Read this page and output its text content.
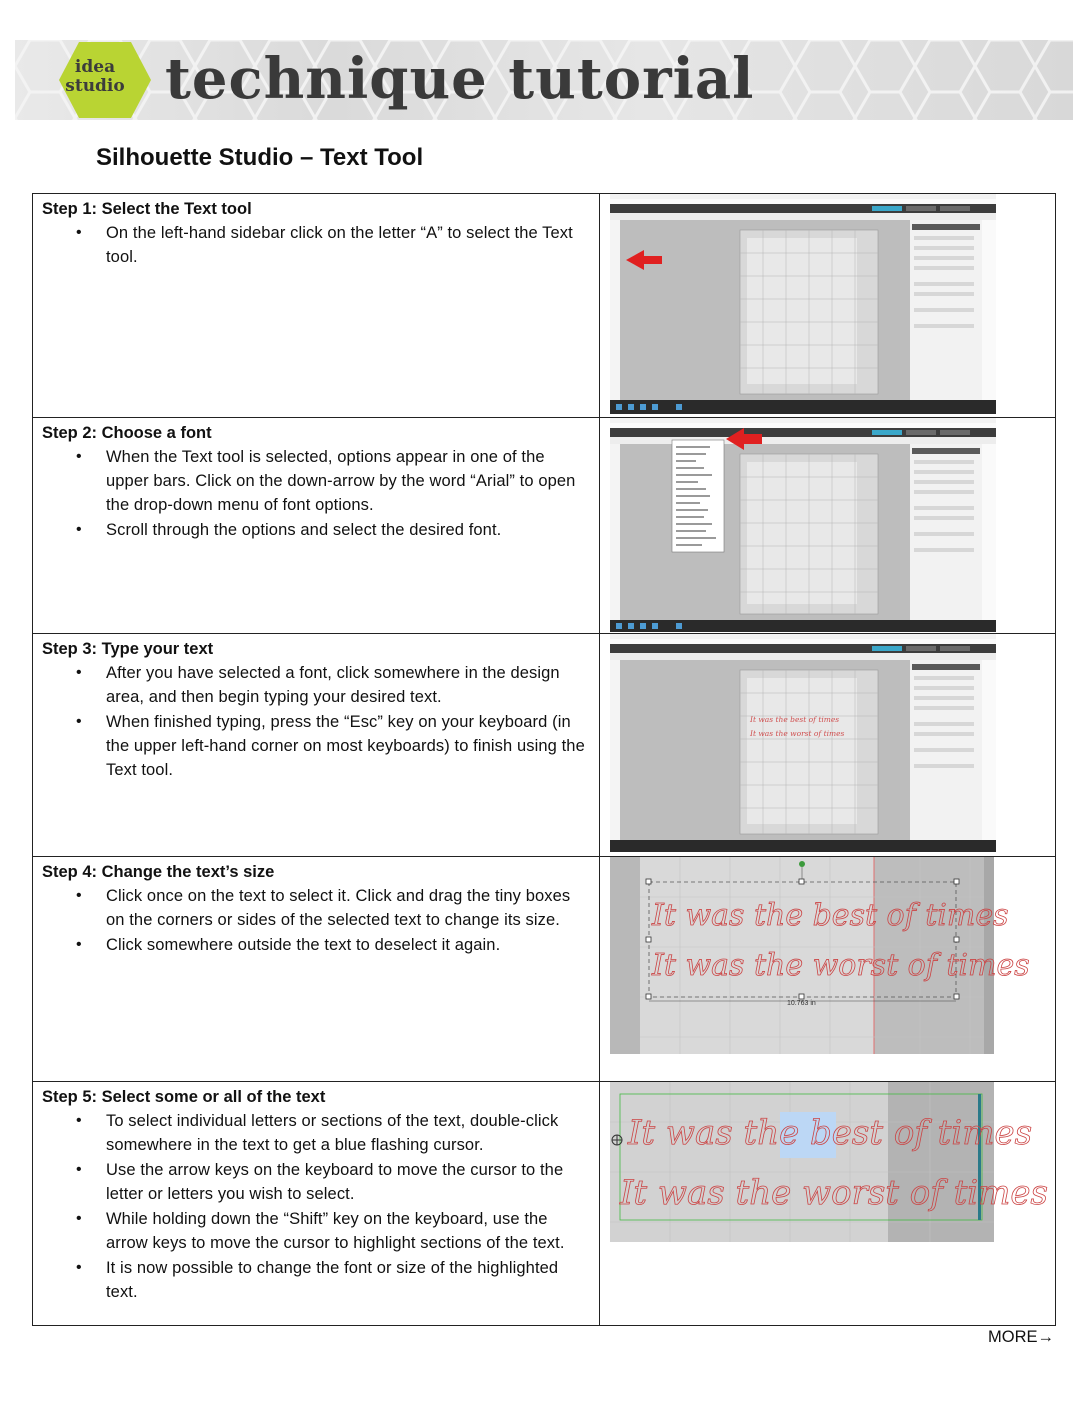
idea
studio technique tutorial
Silhouette Studio – Text Tool
Step 1: Select the Text tool
• On the left-hand sidebar click on the letter “A” to select the Text tool.
Step 2: Choose a font
• When the Text tool is selected, options appear in one of the upper bars. Click on the down-arrow by the word “Arial” to open the drop-down menu of font options.
• Scroll through the options and select the desired font.
Step 3: Type your text
• After you have selected a font, click somewhere in the design area, and then begin typing your desired text.
• When finished typing, press the “Esc” key on your keyboard (in the upper left-hand corner on most keyboards) to finish using the Text tool.
It was the best of times
It was the worst of times
Step 4: Change the text’s size
• Click once on the text to select it. Click and drag the tiny boxes on the corners or sides of the selected text to change its size.
• Click somewhere outside the text to deselect it again.
10.763 in
It was the best of times
It was the worst of times
Step 5: Select some or all of the text
• To select individual letters or sections of the text, double-click somewhere in the text to get a blue flashing cursor.
• Use the arrow keys on the keyboard to move the cursor to the letter or letters you wish to select.
• While holding down the “Shift” key on the keyboard, use the arrow keys to move the cursor to highlight sections of the text.
• It is now possible to change the font or size of the highlighted text.
It was the best of times
It was the worst of times
MORE→
